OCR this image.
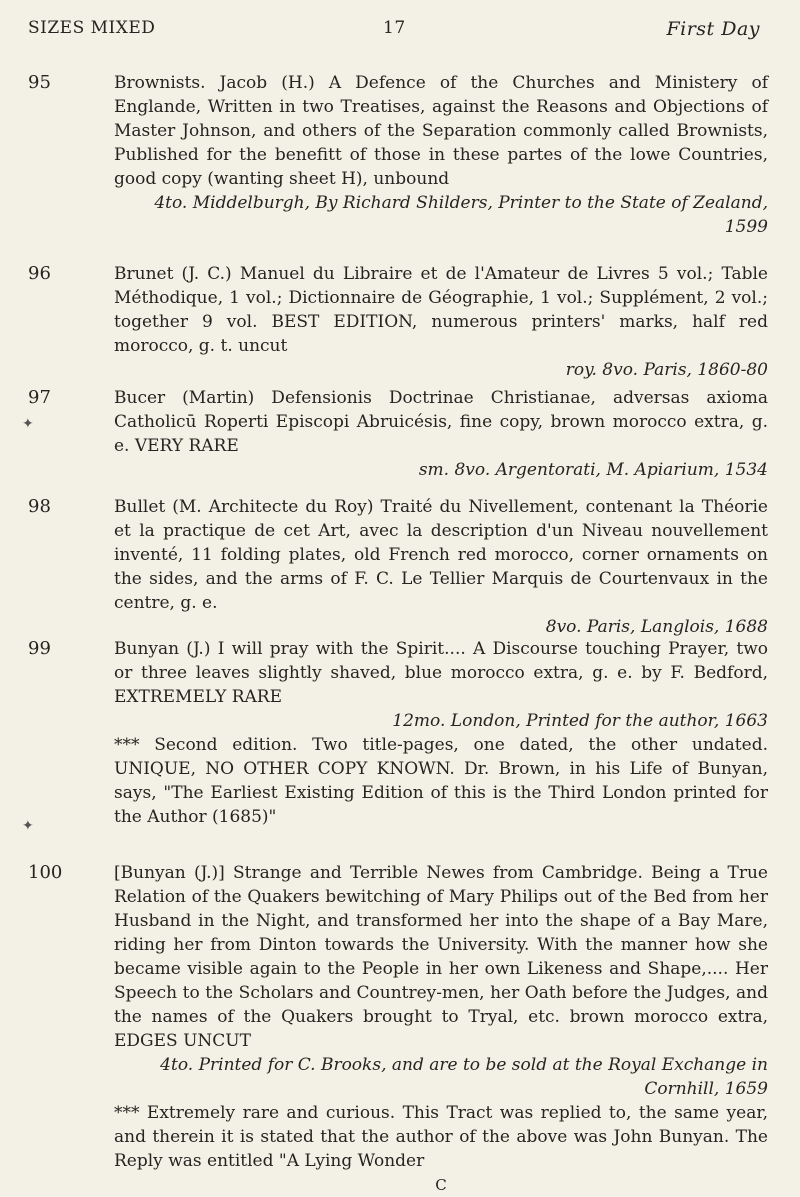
SIZES MIXED	17	First Day
95	Brownists. Jacob (H.) A Defence of the Churches and Ministery of Englande, Written in two Treatises, against the Reasons and Objections of Master Johnson, and others of the Separation commonly called Brownists, Published for the benefitt of those in these partes of the lowe Countries, good copy (wanting sheet H), unbound

4to. Middelburgh, By Richard Shilders, Printer to the State of Zealand, 1599

96	Brunet (J. C.) Manuel du Libraire et de l'Amateur de Livres 5 vol.; Table Méthodique, 1 vol.; Dictionnaire de Géographie, 1 vol.; Supplément, 2 vol.; together 9 vol. BEST EDITION, numerous printers' marks, half red morocco, g. t. uncut

roy. 8vo. Paris, 1860-80

97	Bucer (Martin) Defensionis Doctrinae Christianae, adversas axioma Catholicū Roperti Episcopi Abruicésis, fine copy, brown morocco extra, g. e. VERY RARE

sm. 8vo. Argentorati, M. Apiarium, 1534

98	Bullet (M. Architecte du Roy) Traité du Nivellement, contenant la Théorie et la practique de cet Art, avec la description d'un Niveau nouvellement inventé, 11 folding plates, old French red morocco, corner ornaments on the sides, and the arms of F. C. Le Tellier Marquis de Courtenvaux in the centre, g. e.

8vo. Paris, Langlois, 1688

99	Bunyan (J.) I will pray with the Spirit.... A Discourse touching Prayer, two or three leaves slightly shaved, blue morocco extra, g. e. by F. Bedford, EXTREMELY RARE

12mo. London, Printed for the author, 1663

*** Second edition. Two title-pages, one dated, the other undated. UNIQUE, NO OTHER COPY KNOWN. Dr. Brown, in his Life of Bunyan, says, "The Earliest Existing Edition of this is the Third London printed for the Author (1685)"

100	[Bunyan (J.)] Strange and Terrible Newes from Cambridge. Being a True Relation of the Quakers bewitching of Mary Philips out of the Bed from her Husband in the Night, and transformed her into the shape of a Bay Mare, riding her from Dinton towards the University. With the manner how she became visible again to the People in her own Likeness and Shape,.... Her Speech to the Scholars and Countrey-men, her Oath before the Judges, and the names of the Quakers brought to Tryal, etc. brown morocco extra, EDGES UNCUT

4to. Printed for C. Brooks, and are to be sold at the Royal Exchange in Cornhill, 1659

*** Extremely rare and curious. This Tract was replied to, the same year, and therein it is stated that the author of the above was John Bunyan. The Reply was entitled "A Lying Wonder

C

✦
✦
